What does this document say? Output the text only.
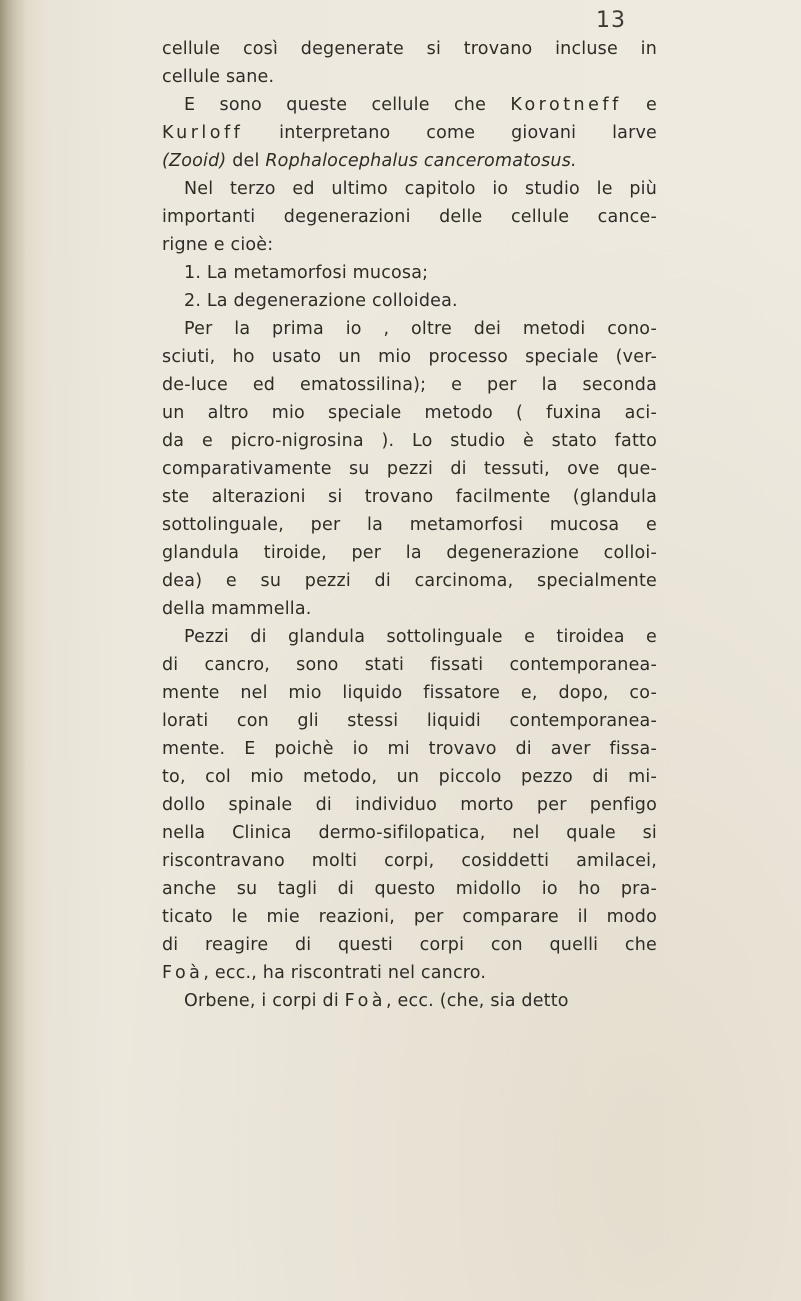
13
cellule così degenerate si trovano incluse in
cellule sane.
E sono queste cellule che Korotneff e
Kurloff interpretano come giovani larve
(Zooid) del Rophalocephalus canceromatosus.
Nel terzo ed ultimo capitolo io studio le più
importanti degenerazioni delle cellule cance-
rigne e cioè:
1. La metamorfosi mucosa;
2. La degenerazione colloidea.
Per la prima io , oltre dei metodi cono-
sciuti, ho usato un mio processo speciale (ver-
de-luce ed ematossilina); e per la seconda
un altro mio speciale metodo ( fuxina aci-
da e picro-nigrosina ). Lo studio è stato fatto
comparativamente su pezzi di tessuti, ove que-
ste alterazioni si trovano facilmente (glandula
sottolinguale, per la metamorfosi mucosa e
glandula tiroide, per la degenerazione colloi-
dea) e su pezzi di carcinoma, specialmente
della mammella.
Pezzi di glandula sottolinguale e tiroidea e
di cancro, sono stati fissati contemporanea-
mente nel mio liquido fissatore e, dopo, co-
lorati con gli stessi liquidi contemporanea-
mente. E poichè io mi trovavo di aver fissa-
to, col mio metodo, un piccolo pezzo di mi-
dollo spinale di individuo morto per penfigo
nella Clinica dermo-sifilopatica, nel quale si
riscontravano molti corpi, cosiddetti amilacei,
anche su tagli di questo midollo io ho pra-
ticato le mie reazioni, per comparare il modo
di reagire di questi corpi con quelli che
Foà, ecc., ha riscontrati nel cancro.
Orbene, i corpi di Foà, ecc. (che, sia detto
